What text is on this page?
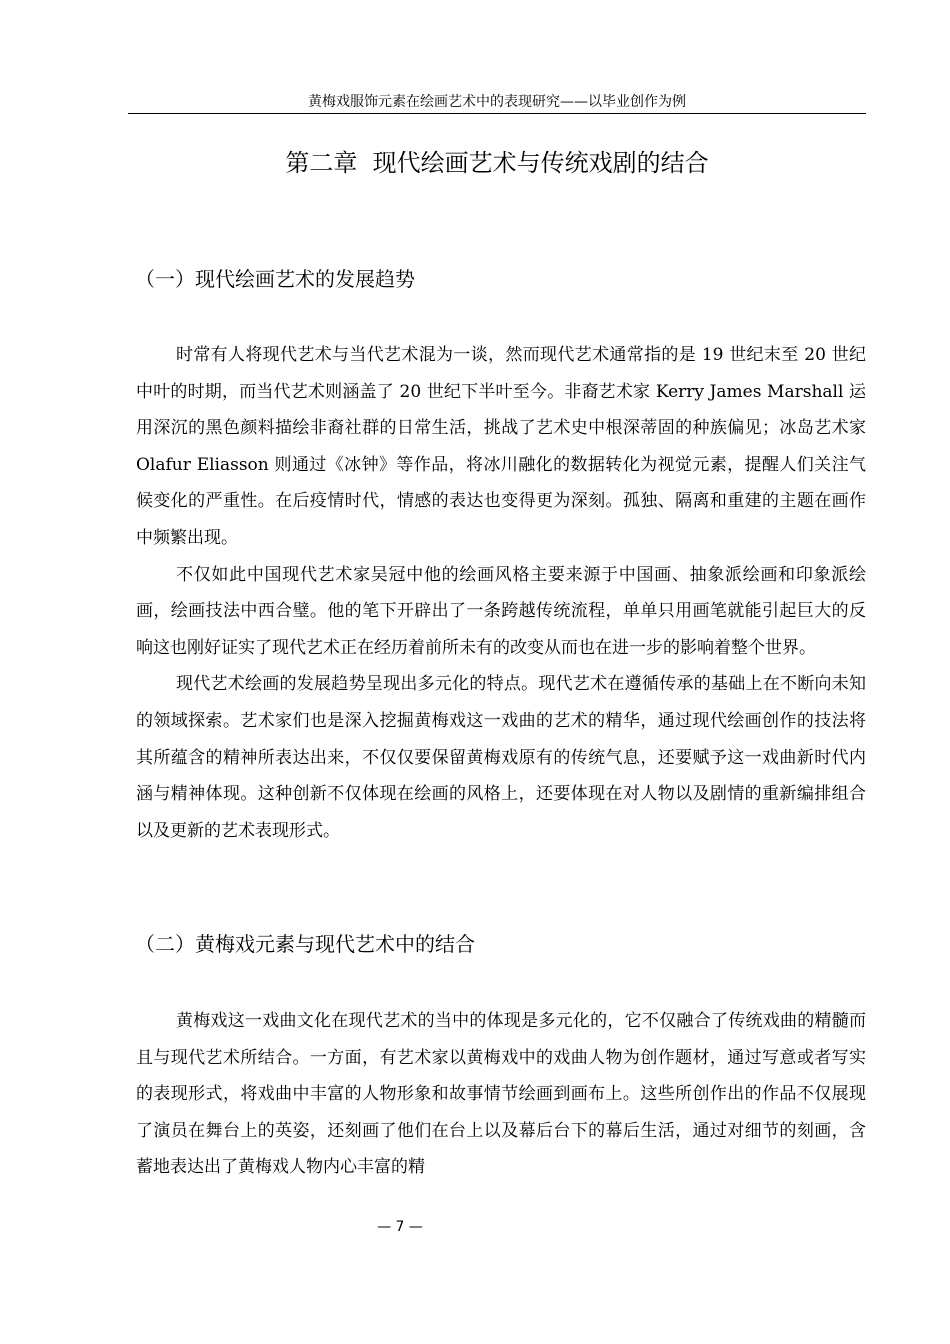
黄梅戏服饰元素在绘画艺术中的表现研究——以毕业创作为例
第二章  现代绘画艺术与传统戏剧的结合
（一）现代绘画艺术的发展趋势

时常有人将现代艺术与当代艺术混为一谈，然而现代艺术通常指的是 19 世纪末至 20 世纪中叶的时期，而当代艺术则涵盖了 20 世纪下半叶至今。非裔艺术家 Kerry James Marshall 运用深沉的黑色颜料描绘非裔社群的日常生活，挑战了艺术史中根深蒂固的种族偏见；冰岛艺术家 Olafur Eliasson 则通过《冰钟》等作品，将冰川融化的数据转化为视觉元素，提醒人们关注气候变化的严重性。在后疫情时代，情感的表达也变得更为深刻。孤独、隔离和重建的主题在画作中频繁出现。

不仅如此中国现代艺术家吴冠中他的绘画风格主要来源于中国画、抽象派绘画和印象派绘画，绘画技法中西合璧。他的笔下开辟出了一条跨越传统流程，单单只用画笔就能引起巨大的反响这也刚好证实了现代艺术正在经历着前所未有的改变从而也在进一步的影响着整个世界。

现代艺术绘画的发展趋势呈现出多元化的特点。现代艺术在遵循传承的基础上在不断向未知的领域探索。艺术家们也是深入挖掘黄梅戏这一戏曲的艺术的精华，通过现代绘画创作的技法将其所蕴含的精神所表达出来，不仅仅要保留黄梅戏原有的传统气息，还要赋予这一戏曲新时代内涵与精神体现。这种创新不仅体现在绘画的风格上，还要体现在对人物以及剧情的重新编排组合以及更新的艺术表现形式。

（二）黄梅戏元素与现代艺术中的结合

黄梅戏这一戏曲文化在现代艺术的当中的体现是多元化的，它不仅融合了传统戏曲的精髓而且与现代艺术所结合。一方面，有艺术家以黄梅戏中的戏曲人物为创作题材，通过写意或者写实的表现形式，将戏曲中丰富的人物形象和故事情节绘画到画布上。这些所创作出的作品不仅展现了演员在舞台上的英姿，还刻画了他们在台上以及幕后台下的幕后生活，通过对细节的刻画，含蓄地表达出了黄梅戏人物内心丰富的精

— 7 —
